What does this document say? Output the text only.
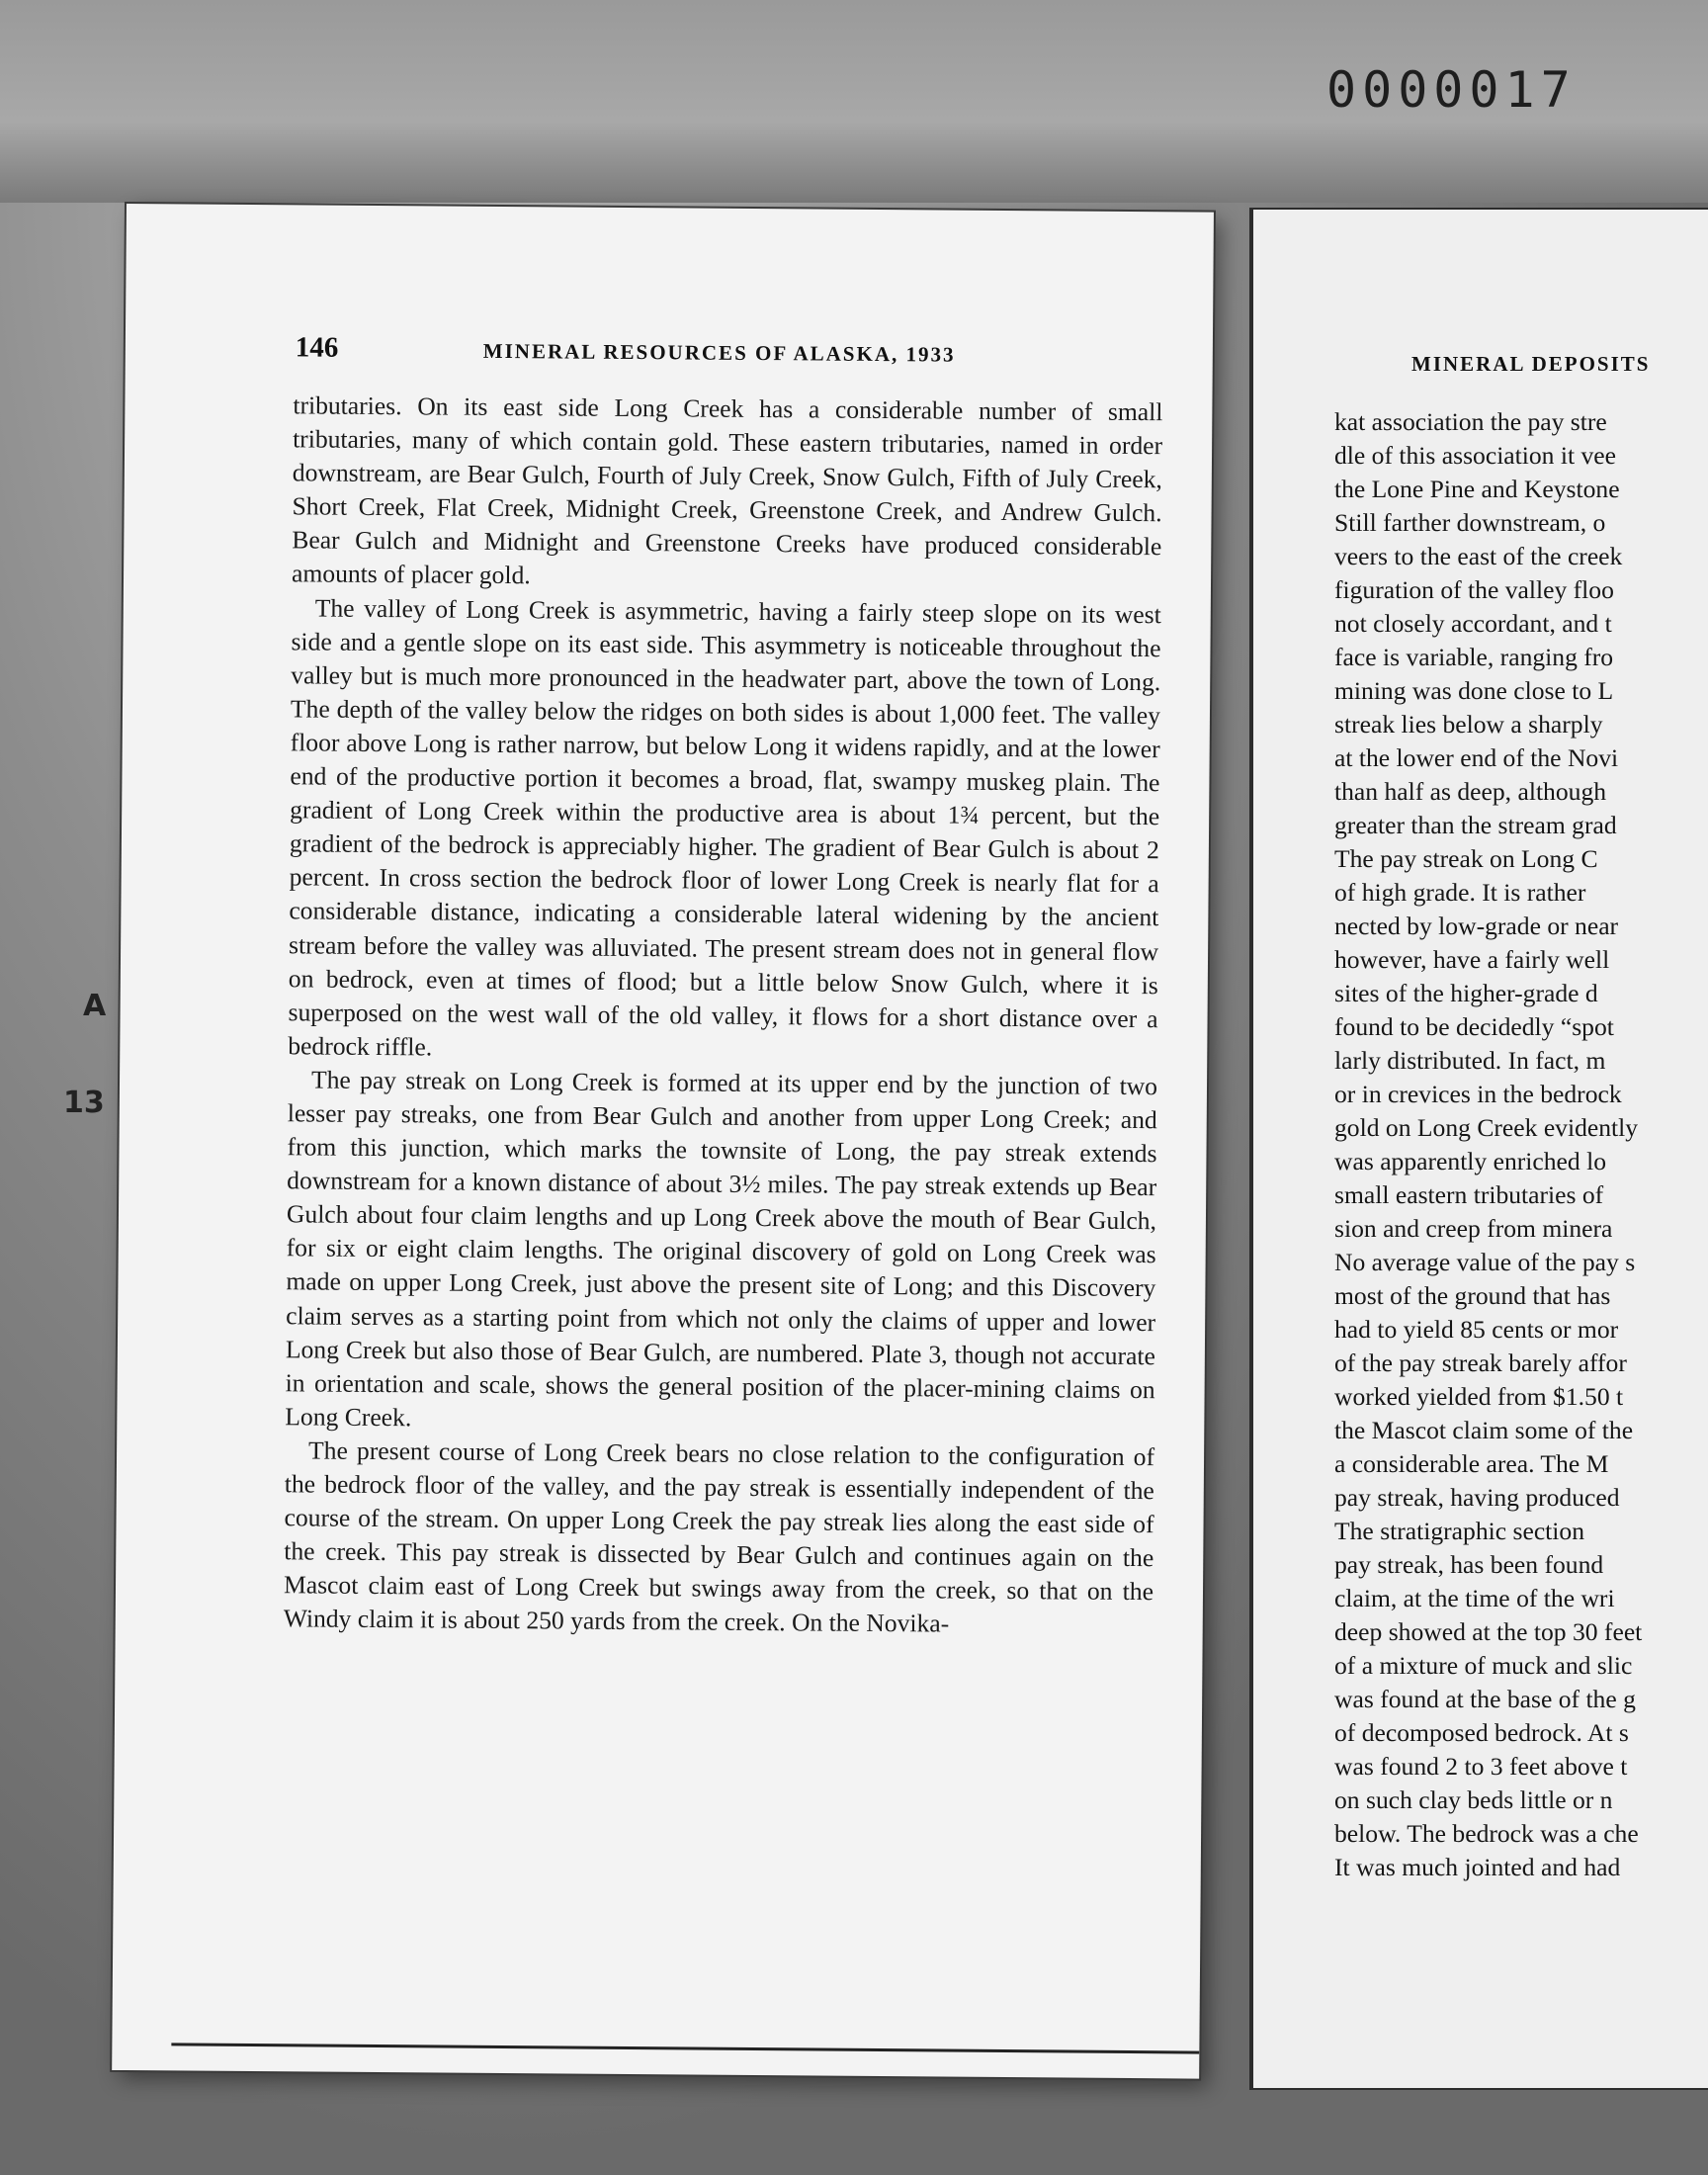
0000017
146	MINERAL RESOURCES OF ALASKA, 1933

tributaries. On its east side Long Creek has a considerable number of small tributaries, many of which contain gold. These eastern tributaries, named in order downstream, are Bear Gulch, Fourth of July Creek, Snow Gulch, Fifth of July Creek, Short Creek, Flat Creek, Midnight Creek, Greenstone Creek, and Andrew Gulch. Bear Gulch and Midnight and Greenstone Creeks have produced considerable amounts of placer gold.

The valley of Long Creek is asymmetric, having a fairly steep slope on its west side and a gentle slope on its east side. This asymmetry is noticeable throughout the valley but is much more pronounced in the headwater part, above the town of Long. The depth of the valley below the ridges on both sides is about 1,000 feet. The valley floor above Long is rather narrow, but below Long it widens rapidly, and at the lower end of the productive portion it becomes a broad, flat, swampy muskeg plain. The gradient of Long Creek within the productive area is about 1¾ percent, but the gradient of the bedrock is appreciably higher. The gradient of Bear Gulch is about 2 percent. In cross section the bedrock floor of lower Long Creek is nearly flat for a considerable distance, indicating a considerable lateral widening by the ancient stream before the valley was alluviated. The present stream does not in general flow on bedrock, even at times of flood; but a little below Snow Gulch, where it is superposed on the west wall of the old valley, it flows for a short distance over a bedrock riffle.

The pay streak on Long Creek is formed at its upper end by the junction of two lesser pay streaks, one from Bear Gulch and another from upper Long Creek; and from this junction, which marks the townsite of Long, the pay streak extends downstream for a known distance of about 3½ miles. The pay streak extends up Bear Gulch about four claim lengths and up Long Creek above the mouth of Bear Gulch, for six or eight claim lengths. The original discovery of gold on Long Creek was made on upper Long Creek, just above the present site of Long; and this Discovery claim serves as a starting point from which not only the claims of upper and lower Long Creek but also those of Bear Gulch, are numbered. Plate 3, though not accurate in orientation and scale, shows the general position of the placer-mining claims on Long Creek.

The present course of Long Creek bears no close relation to the configuration of the bedrock floor of the valley, and the pay streak is essentially independent of the course of the stream. On upper Long Creek the pay streak lies along the east side of the creek. This pay streak is dissected by Bear Gulch and continues again on the Mascot claim east of Long Creek but swings away from the creek, so that on the Windy claim it is about 250 yards from the creek. On the Novika-

A
13
MINERAL DEPOSITS
kat association the pay stre
dle of this association it vee
the Lone Pine and Keystone
Still farther downstream, o
veers to the east of the creek
figuration of the valley floo
not closely accordant, and t
face is variable, ranging fro
mining was done close to L
streak lies below a sharply
at the lower end of the Novi
than half as deep, although
greater than the stream grad
The pay streak on Long C
of high grade. It is rather
nected by low-grade or near
however, have a fairly well
sites of the higher-grade d
found to be decidedly “spot
larly distributed. In fact, m
or in crevices in the bedrock
gold on Long Creek evidently
was apparently enriched lo
small eastern tributaries of
sion and creep from minera
No average value of the pay s
most of the ground that has
had to yield 85 cents or mor
of the pay streak barely affor
worked yielded from $1.50 t
the Mascot claim some of the
a considerable area. The M
pay streak, having produced
The stratigraphic section
pay streak, has been found
claim, at the time of the wri
deep showed at the top 30 feet
of a mixture of muck and slic
was found at the base of the g
of decomposed bedrock. At s
was found 2 to 3 feet above t
on such clay beds little or n
below. The bedrock was a che
It was much jointed and had
